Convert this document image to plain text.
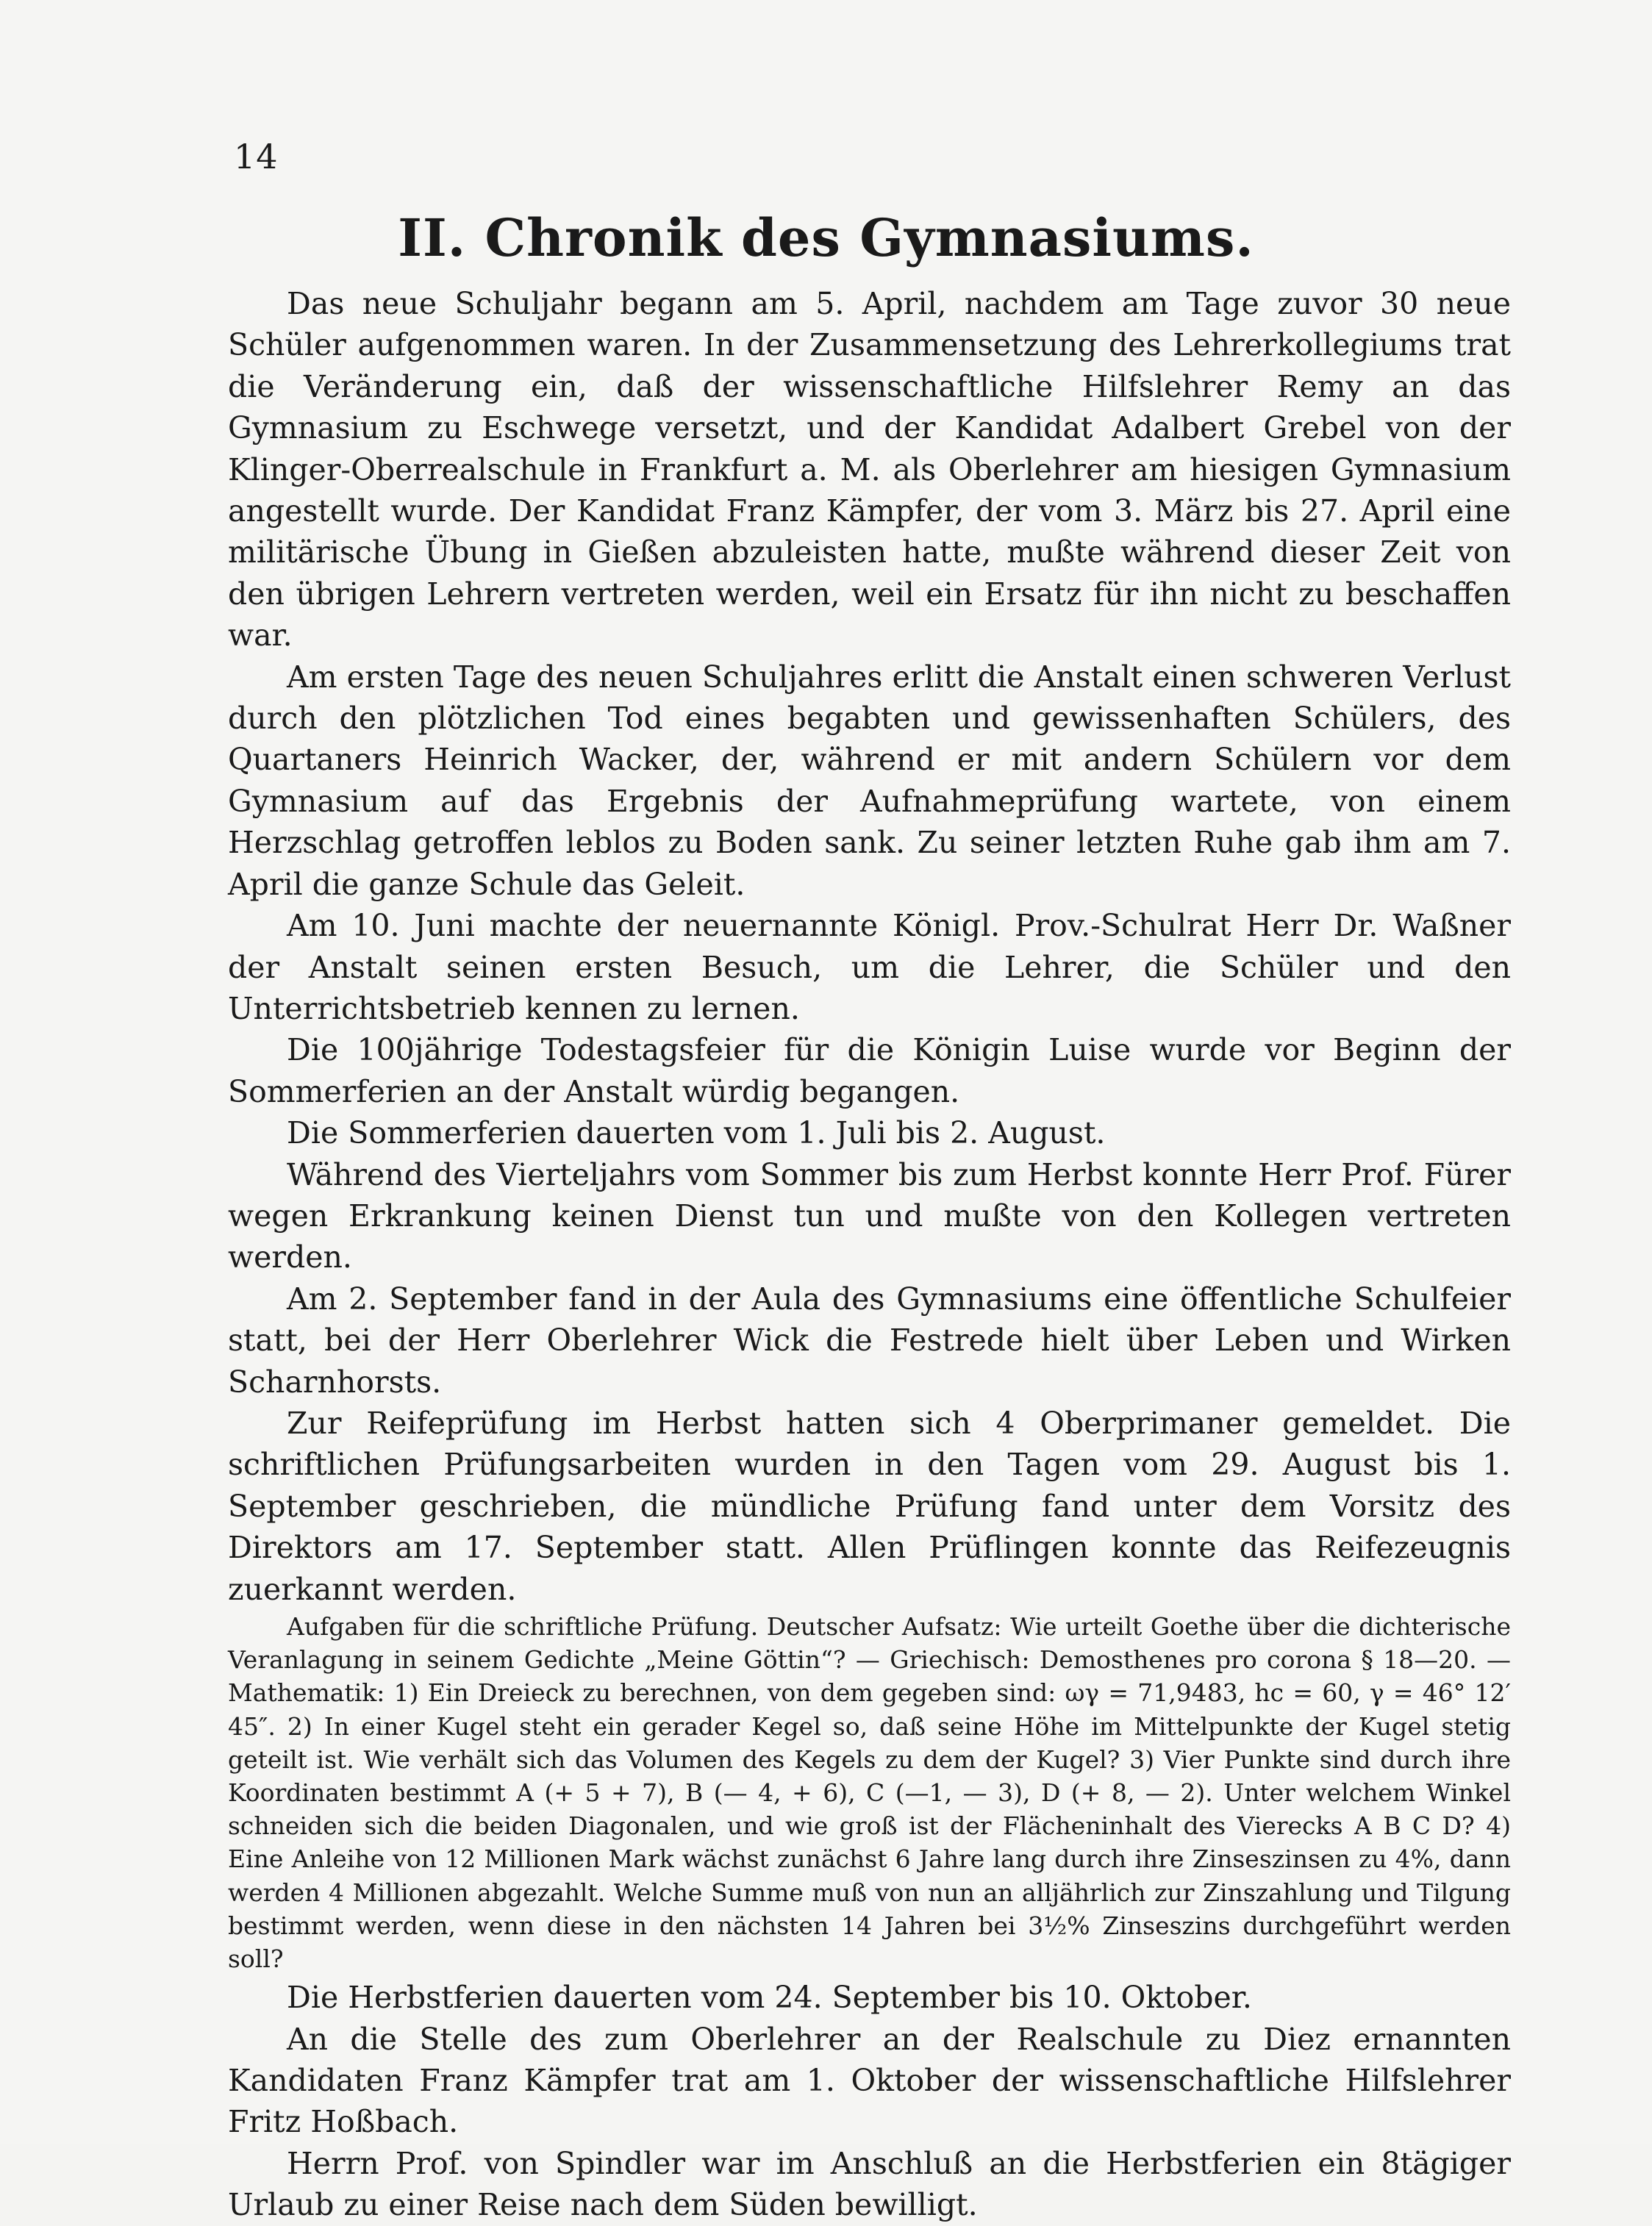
14
II. Chronik des Gymnasiums.

Das neue Schuljahr begann am 5. April, nachdem am Tage zuvor 30 neue Schüler aufgenommen waren. In der Zusammensetzung des Lehrerkollegiums trat die Veränderung ein, daß der wissenschaftliche Hilfslehrer Remy an das Gymnasium zu Eschwege versetzt, und der Kandidat Adalbert Grebel von der Klinger-Oberrealschule in Frankfurt a. M. als Oberlehrer am hiesigen Gymnasium angestellt wurde. Der Kandidat Franz Kämpfer, der vom 3. März bis 27. April eine militärische Übung in Gießen abzuleisten hatte, mußte während dieser Zeit von den übrigen Lehrern vertreten werden, weil ein Ersatz für ihn nicht zu beschaffen war.

Am ersten Tage des neuen Schuljahres erlitt die Anstalt einen schweren Verlust durch den plötzlichen Tod eines begabten und gewissenhaften Schülers, des Quartaners Heinrich Wacker, der, während er mit andern Schülern vor dem Gymnasium auf das Ergebnis der Aufnahmeprüfung wartete, von einem Herzschlag getroffen leblos zu Boden sank. Zu seiner letzten Ruhe gab ihm am 7. April die ganze Schule das Geleit.

Am 10. Juni machte der neuernannte Königl. Prov.-Schulrat Herr Dr. Waßner der Anstalt seinen ersten Besuch, um die Lehrer, die Schüler und den Unterrichtsbetrieb kennen zu lernen.

Die 100jährige Todestagsfeier für die Königin Luise wurde vor Beginn der Sommerferien an der Anstalt würdig begangen.

Die Sommerferien dauerten vom 1. Juli bis 2. August.

Während des Vierteljahrs vom Sommer bis zum Herbst konnte Herr Prof. Fürer wegen Erkrankung keinen Dienst tun und mußte von den Kollegen vertreten werden.

Am 2. September fand in der Aula des Gymnasiums eine öffentliche Schulfeier statt, bei der Herr Oberlehrer Wick die Festrede hielt über Leben und Wirken Scharnhorsts.

Zur Reifeprüfung im Herbst hatten sich 4 Oberprimaner gemeldet. Die schriftlichen Prüfungsarbeiten wurden in den Tagen vom 29. August bis 1. September geschrieben, die mündliche Prüfung fand unter dem Vorsitz des Direktors am 17. September statt. Allen Prüflingen konnte das Reifezeugnis zuerkannt werden.

Aufgaben für die schriftliche Prüfung. Deutscher Aufsatz: Wie urteilt Goethe über die dichterische Veranlagung in seinem Gedichte „Meine Göttin“? — Griechisch: Demosthenes pro corona § 18—20. — Mathematik: 1) Ein Dreieck zu berechnen, von dem gegeben sind: ωγ = 71,9483, hc = 60, γ = 46° 12′ 45″. 2) In einer Kugel steht ein gerader Kegel so, daß seine Höhe im Mittelpunkte der Kugel stetig geteilt ist. Wie verhält sich das Volumen des Kegels zu dem der Kugel? 3) Vier Punkte sind durch ihre Koordinaten bestimmt A (+ 5 + 7), B (— 4, + 6), C (—1, — 3), D (+ 8, — 2). Unter welchem Winkel schneiden sich die beiden Diagonalen, und wie groß ist der Flächeninhalt des Vierecks A B C D? 4) Eine Anleihe von 12 Millionen Mark wächst zunächst 6 Jahre lang durch ihre Zinseszinsen zu 4%, dann werden 4 Millionen abgezahlt. Welche Summe muß von nun an alljährlich zur Zinszahlung und Tilgung bestimmt werden, wenn diese in den nächsten 14 Jahren bei 3½% Zinseszins durchgeführt werden soll?

Die Herbstferien dauerten vom 24. September bis 10. Oktober.

An die Stelle des zum Oberlehrer an der Realschule zu Diez ernannten Kandidaten Franz Kämpfer trat am 1. Oktober der wissenschaftliche Hilfslehrer Fritz Hoßbach.

Herrn Prof. von Spindler war im Anschluß an die Herbstferien ein 8tägiger Urlaub zu einer Reise nach dem Süden bewilligt.
